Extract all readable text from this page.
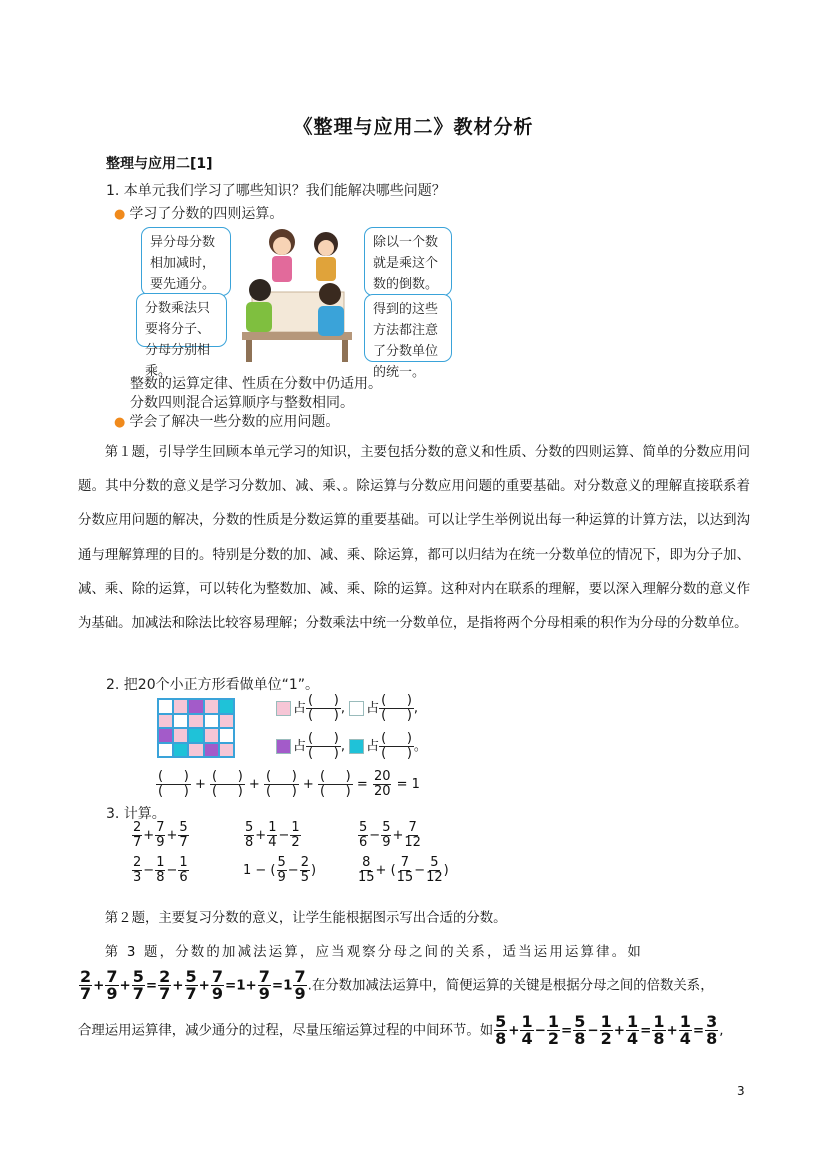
《整理与应用二》教材分析
整理与应用二[1]
1. 本单元我们学习了哪些知识？我们能解决哪些问题？
● 学习了分数的四则运算。
异分母分数相加减时，要先通分。
除以一个数就是乘这个数的倒数。
分数乘法只要将分子、分母分别相乘。
得到的这些方法都注意了分数单位的统一。
整数的运算定律、性质在分数中仍适用。
分数四则混合运算顺序与整数相同。
● 学会了解决一些分数的应用问题。

第１题，引导学生回顾本单元学习的知识，主要包括分数的意义和性质、分数的四则运算、简单的分数应用问题。其中分数的意义是学习分数加、减、乘、。除运算与分数应用问题的重要基础。对分数意义的理解直接联系着分数应用问题的解决，分数的性质是分数运算的重要基础。可以让学生举例说出每一种运算的计算方法，以达到沟通与理解算理的目的。特别是分数的加、减、乘、除运算，都可以归结为在统一分数单位的情况下，即为分子加、减、乘、除的运算，可以转化为整数加、减、乘、除的运算。这种对内在联系的理解，要以深入理解分数的意义作为基础。加减法和除法比较容易理解；分数乘法中统一分数单位，是指将两个分母相乘的积作为分母的分数单位。

2. 把20个小正方形看做单位“1”。
占
(     )
(     ) , 占
(     )
(     ) ,
占
(     )
(     ) , 占
(     )
(     ) 。
(     )
(     ) +
(     )
(     ) +
(     )
(     ) +
(     )
(     ) = $\frac{20}{20} = 1$
3. 计算。
$\frac{2}{7} + \frac{7}{9} + \frac{5}{7}$	$\frac{5}{8} + \frac{1}{4} - \frac{1}{2}$	$\frac{5}{6} - \frac{5}{9} + \frac{7}{12}$
$\frac{2}{3} - \frac{1}{8} - \frac{1}{6}$	1 − ( $\frac{5}{9} - \frac{2}{5}$ )	$\frac{8}{15}$ + ( $\frac{7}{15} - \frac{5}{12}$ )

第２题，主要复习分数的意义，让学生能根据图示写出合适的分数。

第 3 题，分数的加减法运算，应当观察分母之间的关系，适当运用运算律。如

$\frac{2}{7} + \frac{7}{9} + \frac{5}{7} = \frac{2}{7} + \frac{5}{7} + \frac{7}{9} =1+ \frac{7}{9} =1 \frac{7}{9}$ .在分数加减法运算中，简便运算的关键是根据分母之间的倍数关系，
合理运用运算律，减少通分的过程，尽量压缩运算过程的中间环节。如 $\frac{5}{8} + \frac{1}{4} - \frac{1}{2} = \frac{5}{8} - \frac{1}{2} + \frac{1}{4} = \frac{1}{8} + \frac{1}{4} = \frac{3}{8}$ ,
3
